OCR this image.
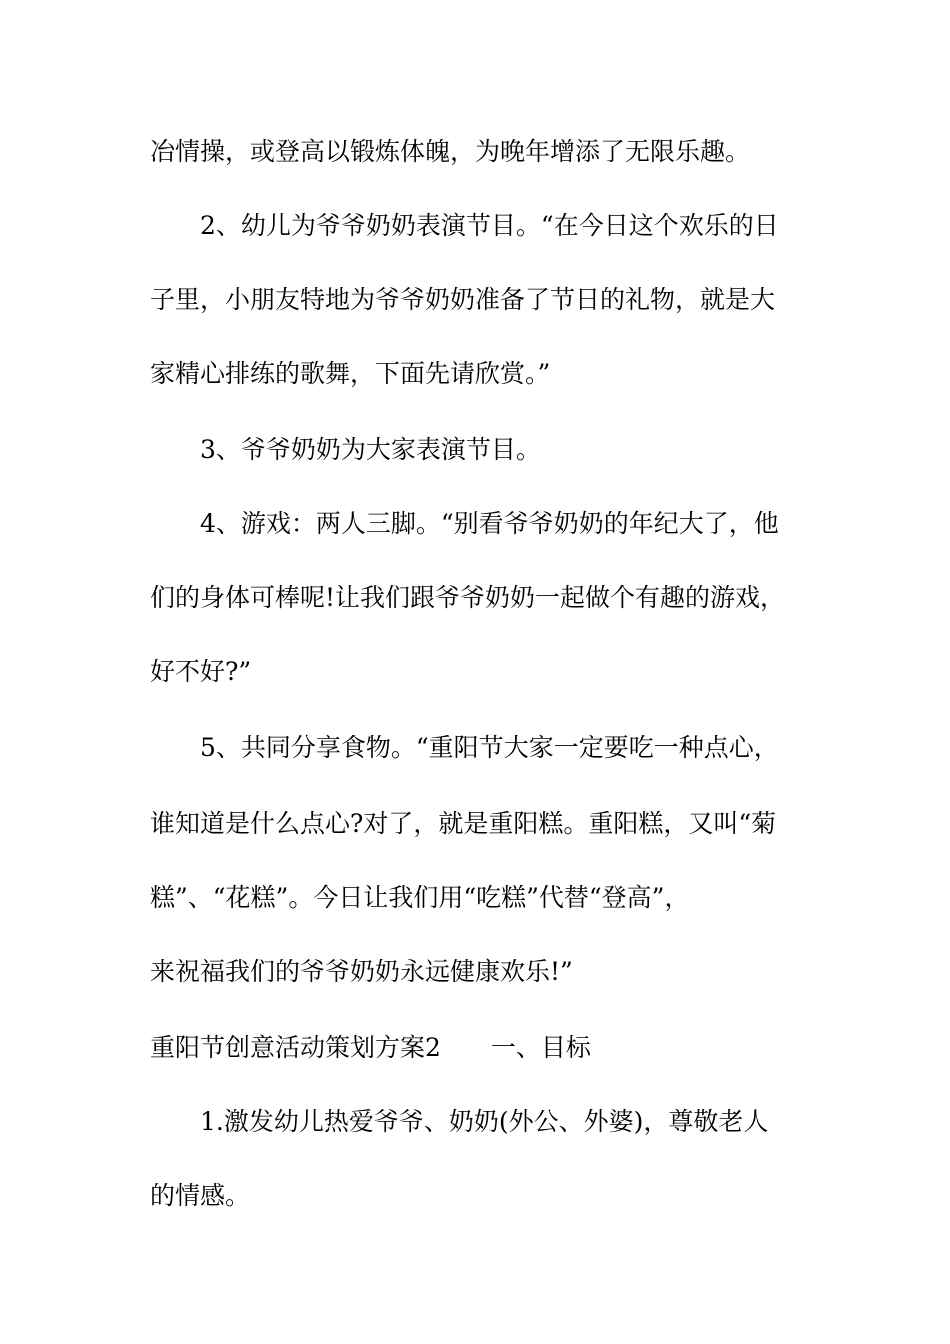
冶情操，或登高以锻炼体魄，为晚年增添了无限乐趣。
2、幼儿为爷爷奶奶表演节目。“在今日这个欢乐的日
子里，小朋友特地为爷爷奶奶准备了节日的礼物，就是大
家精心排练的歌舞，下面先请欣赏。”
3、爷爷奶奶为大家表演节目。
4、游戏：两人三脚。“别看爷爷奶奶的年纪大了，他
们的身体可棒呢!让我们跟爷爷奶奶一起做个有趣的游戏，
好不好?”
5、共同分享食物。“重阳节大家一定要吃一种点心，
谁知道是什么点心?对了，就是重阳糕。重阳糕，又叫“菊
糕”、“花糕”。今日让我们用“吃糕”代替“登高”，
来祝福我们的爷爷奶奶永远健康欢乐!”
重阳节创意活动策划方案2　　一、目标
1.激发幼儿热爱爷爷、奶奶(外公、外婆)，尊敬老人
的情感。
